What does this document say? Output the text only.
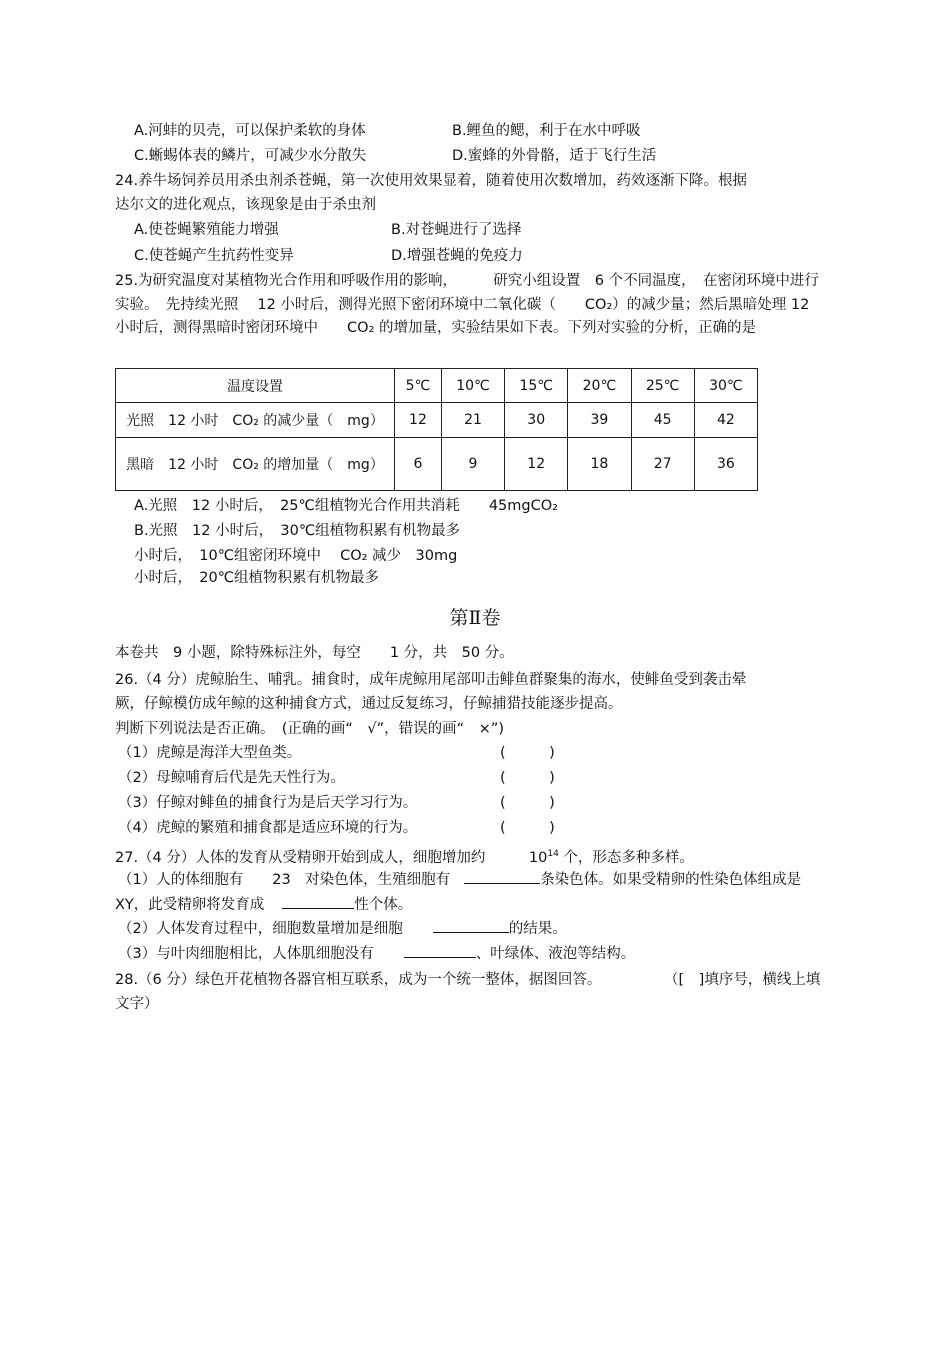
A.河蚌的贝壳，可以保护柔软的身体	B.鲤鱼的鳃，利于在水中呼吸
C.蜥蜴体表的鳞片，可减少水分散失	D.蜜蜂的外骨骼，适于飞行生活
24.养牛场饲养员用杀虫剂杀苍蝇，第一次使用效果显着，随着使用次数增加，药效逐渐下降。根据
达尔文的进化观点，该现象是由于杀虫剂
A.使苍蝇繁殖能力增强	B.对苍蝇进行了选择
C.使苍蝇产生抗药性变异	D.增强苍蝇的免疫力
25.为研究温度对某植物光合作用和呼吸作用的影响，　　　研究小组设置　6 个不同温度，　在密闭环境中进行实验。　先持续光照　 12 小时后，测得光照下密闭环境中二氧化碳（　　CO₂）的减少量；然后黑暗处理 12 小时后，测得黑暗时密闭环境中　　CO₂ 的增加量，实验结果如下表。下列对实验的分析，正确的是
温度设置	5℃	10℃	15℃	20℃	25℃	30℃
光照　12 小时　CO₂ 的减少量（　mg）	12	21	30	39	45	42
黑暗　12 小时　CO₂ 的增加量（　mg）	6	9	12	18	27	36
A.光照　12 小时后，　25℃组植物光合作用共消耗　　45mgCO₂
B.光照　12 小时后，　30℃组植物积累有机物最多
小时后，　10℃组密闭环境中　 CO₂ 减少　30mg
小时后，　20℃组植物积累有机物最多
第Ⅱ卷
本卷共　9 小题，除特殊标注外，每空　　1 分，共　50 分。
26.（4 分）虎鲸胎生、哺乳。捕食时，成年虎鲸用尾部叩击鲱鱼群聚集的海水，使鲱鱼受到袭击晕
厥，仔鲸模仿成年鲸的这种捕食方式，通过反复练习，仔鲸捕猎技能逐步提高。
判断下列说法是否正确。　(正确的画“　√”，错误的画“　×”)
（1）虎鲸是海洋大型鱼类。	(　　　)
（2）母鲸哺育后代是先天性行为。	(　　　)
（3）仔鲸对鲱鱼的捕食行为是后天学习行为。	(　　　)
（4）虎鲸的繁殖和捕食都是适应环境的行为。	(　　　)
27.（4 分）人体的发育从受精卵开始到成人，细胞增加约　　　$10^{14}$ 个，形态多种多样。
（1）人的体细胞有　　23　对染色体，生殖细胞有	条染色体。如果受精卵的性染色体组成是
XY，此受精卵将发育成	性个体。
（2）人体发育过程中，细胞数量增加是细胞	的结果。
（3）与叶肉细胞相比，人体肌细胞没有	、叶绿体、液泡等结构。
28.（6 分）绿色开花植物各器官相互联系，成为一个统一整体，据图回答。	（[　]填序号，横线上填
文字）
